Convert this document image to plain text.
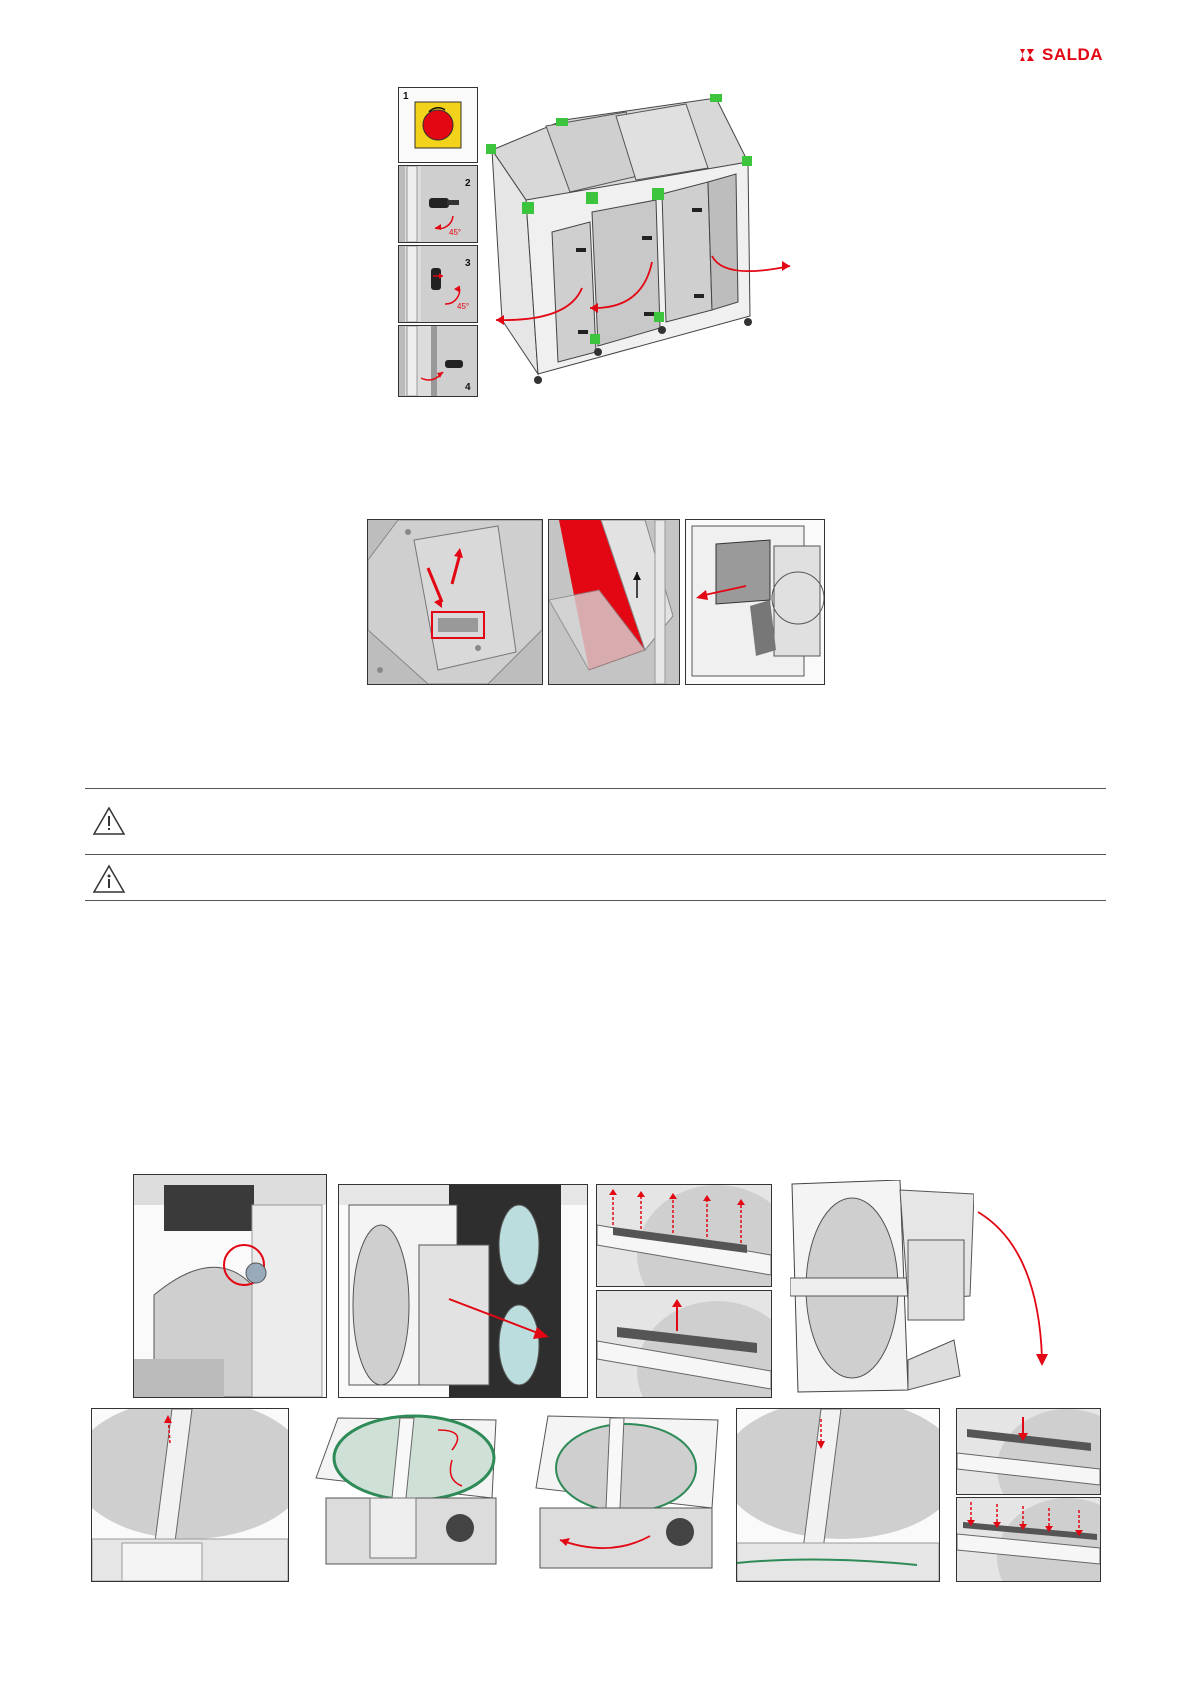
SALDA
1
2
45°
3
45°
4
